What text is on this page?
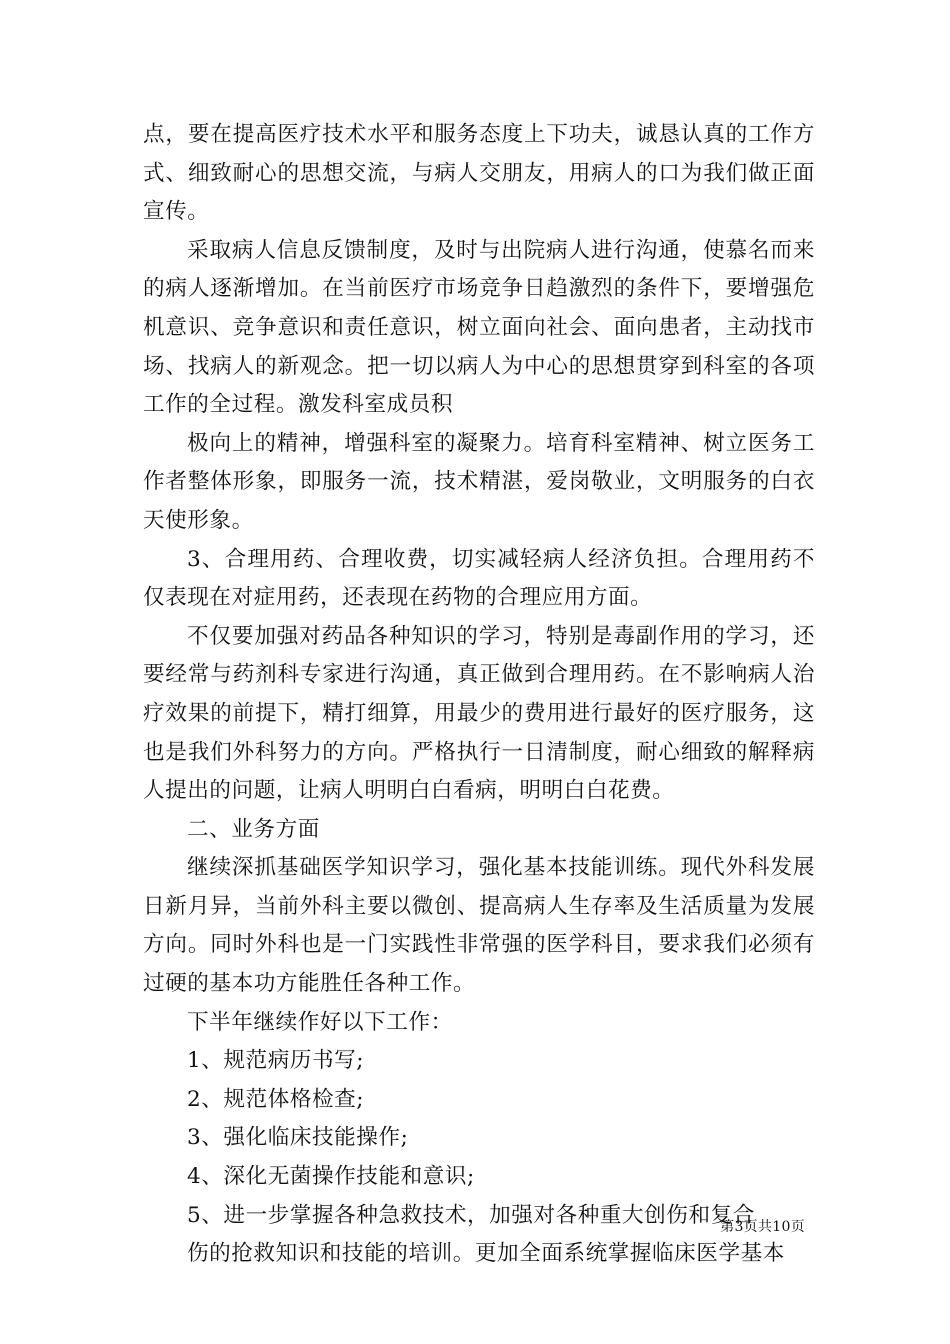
点，要在提高医疗技术水平和服务态度上下功夫，诚恳认真的工作方式、细致耐心的思想交流，与病人交朋友，用病人的口为我们做正面宣传。

采取病人信息反馈制度，及时与出院病人进行沟通，使慕名而来的病人逐渐增加。在当前医疗市场竞争日趋激烈的条件下，要增强危机意识、竞争意识和责任意识，树立面向社会、面向患者，主动找市场、找病人的新观念。把一切以病人为中心的思想贯穿到科室的各项工作的全过程。激发科室成员积

极向上的精神，增强科室的凝聚力。培育科室精神、树立医务工作者整体形象，即服务一流，技术精湛，爱岗敬业，文明服务的白衣天使形象。

3、合理用药、合理收费，切实减轻病人经济负担。合理用药不仅表现在对症用药，还表现在药物的合理应用方面。

不仅要加强对药品各种知识的学习，特别是毒副作用的学习，还要经常与药剂科专家进行沟通，真正做到合理用药。在不影响病人治疗效果的前提下，精打细算，用最少的费用进行最好的医疗服务，这也是我们外科努力的方向。严格执行一日清制度，耐心细致的解释病人提出的问题，让病人明明白白看病，明明白白花费。

二、业务方面

继续深抓基础医学知识学习，强化基本技能训练。现代外科发展日新月异，当前外科主要以微创、提高病人生存率及生活质量为发展方向。同时外科也是一门实践性非常强的医学科目，要求我们必须有过硬的基本功方能胜任各种工作。

下半年继续作好以下工作：

1、规范病历书写;

2、规范体格检查;

3、强化临床技能操作;

4、深化无菌操作技能和意识;

5、进一步掌握各种急救技术，加强对各种重大创伤和复合

伤的抢救知识和技能的培训。更加全面系统掌握临床医学基本

第3页共10页
